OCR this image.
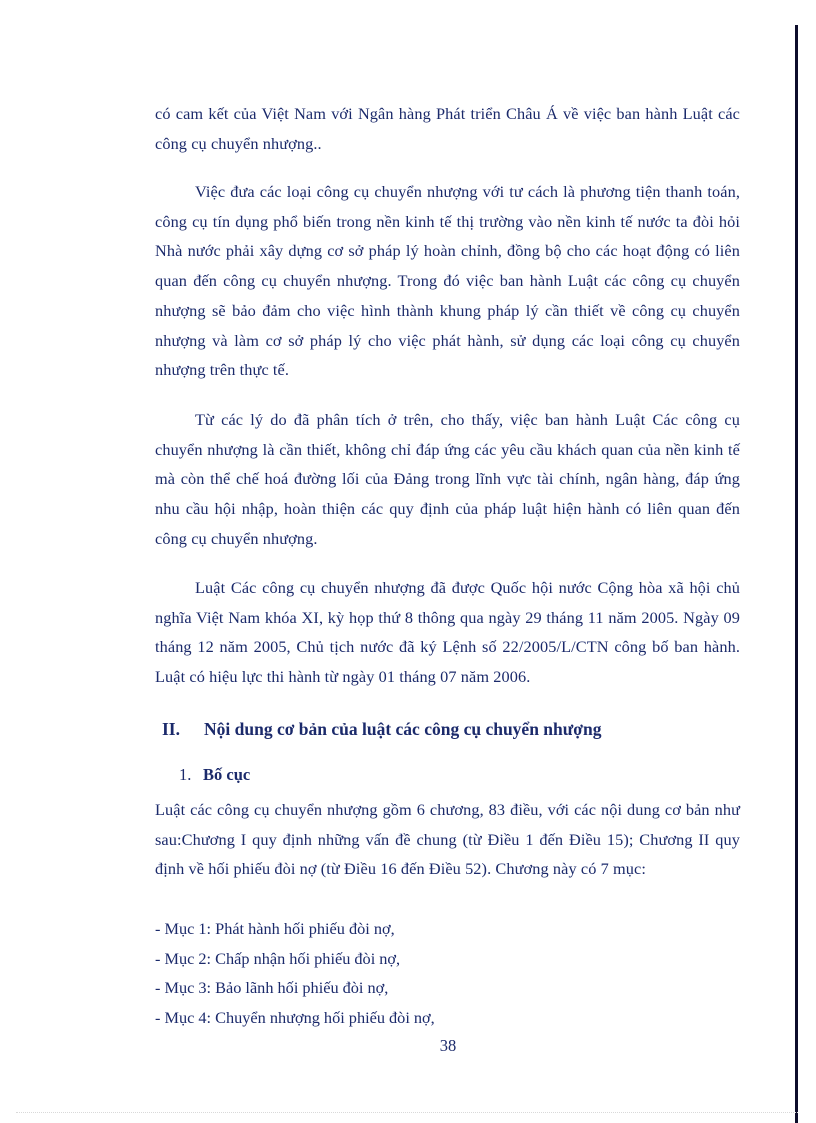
có cam kết của Việt Nam với Ngân hàng Phát triển Châu Á về việc ban hành Luật các công cụ chuyển nhượng..

Việc đưa các loại công cụ chuyển nhượng với tư cách là phương tiện thanh toán, công cụ tín dụng phổ biến trong nền kinh tế thị trường vào nền kinh tế nước ta đòi hỏi Nhà nước phải xây dựng cơ sở pháp lý hoàn chỉnh, đồng bộ cho các hoạt động có liên quan đến công cụ chuyển nhượng. Trong đó việc ban hành Luật các công cụ chuyển nhượng sẽ bảo đảm cho việc hình thành khung pháp lý cần thiết về công cụ chuyển nhượng và làm cơ sở pháp lý cho việc phát hành, sử dụng các loại công cụ chuyển nhượng trên thực tế.

Từ các lý do đã phân tích ở trên, cho thấy, việc ban hành Luật Các công cụ chuyển nhượng là cần thiết, không chỉ đáp ứng các yêu cầu khách quan của nền kinh tế mà còn thể chế hoá đường lối của Đảng trong lĩnh vực tài chính, ngân hàng, đáp ứng nhu cầu hội nhập, hoàn thiện các quy định của pháp luật hiện hành có liên quan đến công cụ chuyển nhượng.

Luật Các công cụ chuyển nhượng đã được Quốc hội nước Cộng hòa xã hội chủ nghĩa Việt Nam khóa XI, kỳ họp thứ 8 thông qua ngày 29 tháng 11 năm 2005. Ngày 09 tháng 12 năm 2005, Chủ tịch nước đã ký Lệnh số 22/2005/L/CTN công bố ban hành. Luật có hiệu lực thi hành từ ngày 01 tháng 07 năm 2006.

II. Nội dung cơ bản của luật các công cụ chuyển nhượng
1. Bố cục

Luật các công cụ chuyển nhượng gồm 6 chương, 83 điều, với các nội dung cơ bản như sau:Chương I quy định những vấn đề chung (từ Điều 1 đến Điều 15); Chương II quy định về hối phiếu đòi nợ (từ Điều 16 đến Điều 52). Chương này có 7 mục:

- Mục 1: Phát hành hối phiếu đòi nợ,
- Mục 2: Chấp nhận hối phiếu đòi nợ,
- Mục 3: Bảo lãnh hối phiếu đòi nợ,
- Mục 4: Chuyển nhượng hối phiếu đòi nợ,
38
